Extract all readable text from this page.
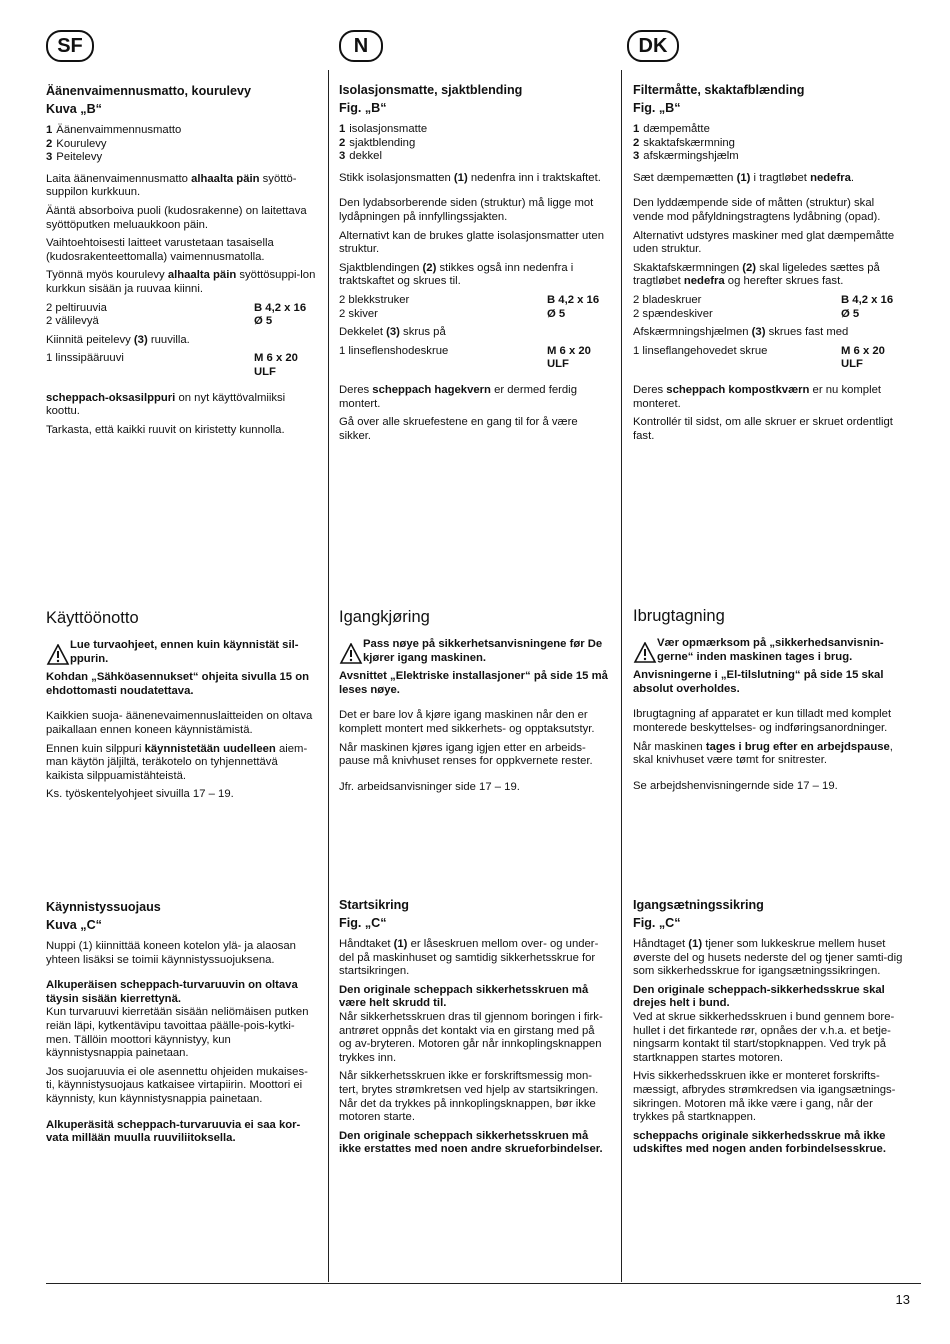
SF	N	DK
13
Äänenvaimennusmatto, kourulevy
Kuva „B“
1 Äänenvaimmennusmatto
2 Kourulevy
3 Peitelevy

Laita äänenvaimennusmatto alhaalta päin syöttö-suppilon kurkkuun.

Ääntä absorboiva puoli (kudosrakenne) on laitettava syöttöputken meluaukkoon päin.

Vaihtoehtoisesti laitteet varustetaan tasaisella (kudosrakenteettomalla) vaimennusmatolla.

Työnnä myös kourulevy alhaalta päin syöttösuppi-lon kurkkun sisään ja ruuvaa kiinni.

2 peltiruuvia	B 4,2 x 16
2 välilevyä	Ø 5

Kiinnitä peitelevy (3) ruuvilla.

1 linssipääruuvi	M 6 x 20
ULF

scheppach-oksasilppuri on nyt käyttövalmiiksi koottu.

Tarkasta, että kaikki ruuvit on kiristetty kunnolla.

Käyttöönotto
Lue turvaohjeet, ennen kuin käynnistät sil-ppurin.

Kohdan „Sähköasennukset“ ohjeita sivulla 15 on ehdottomasti noudatettava.

Kaikkien suoja- äänenevaimennuslaitteiden on oltava paikallaan ennen koneen käynnistämistä.

Ennen kuin silppuri käynnistetään uudelleen aiem-man käytön jäljiltä, teräkotelo on tyhjennettävä kaikista silppuamistähteistä.

Ks. työskentelyohjeet sivuilla 17 – 19.

Käynnistyssuojaus
Kuva „C“

Nuppi (1) kiinnittää koneen kotelon ylä- ja alaosan yhteen lisäksi se toimii käynnistyssuojuksena.

Alkuperäisen scheppach-turvaruuvin on oltava täysin sisään kierrettynä.

Kun turvaruuvi kierretään sisään neliömäisen putken reiän läpi, kytkentävipu tavoittaa päälle-pois-kytki-men. Tällöin moottori käynnistyy, kun käynnistysnappia painetaan.

Jos suojaruuvia ei ole asennettu ohjeiden mukaises-ti, käynnistysuojaus katkaisee virtapiirin. Moottori ei käynnisty, kun käynnistysnappia painetaan.

Alkuperäsitä scheppach-turvaruuvia ei saa kor-vata millään muulla ruuviliitoksella.

Isolasjonsmatte, sjaktblending
Fig. „B“
1 isolasjonsmatte
2 sjaktblending
3 dekkel

Stikk isolasjonsmatten (1) nedenfra inn i traktskaftet.

Den lydabsorberende siden (struktur) må ligge mot lydåpningen på innfyllingssjakten.

Alternativt kan de brukes glatte isolasjonsmatter uten struktur.

Sjaktblendingen (2) stikkes også inn nedenfra i traktskaftet og skrues til.

2 blekkstruker	B 4,2 x 16
2 skiver	Ø 5

Dekkelet (3) skrus på

1 linseflenshodeskrue	M 6 x 20
ULF

Deres scheppach hagekvern er dermed ferdig montert.

Gå over alle skruefestene en gang til for å være sikker.

Igangkjøring
Pass nøye på sikkerhetsanvisningene før De kjører igang maskinen.

Avsnittet „Elektriske installasjoner“ på side 15 må leses nøye.

Det er bare lov å kjøre igang maskinen når den er komplett montert med sikkerhets- og opptaksutstyr.

Når maskinen kjøres igang igjen etter en arbeids-pause må knivhuset renses for oppkvernete rester.

Jfr. arbeidsanvisninger side 17 – 19.

Startsikring
Fig. „C“

Håndtaket (1) er låseskruen mellom over- og under-del på maskinhuset og samtidig sikkerhetsskrue for startsikringen.

Den originale scheppach sikkerhetsskruen må være helt skrudd til.

Når sikkerhetsskruen dras til gjennom boringen i firk-antrøret oppnås det kontakt via en girstang med på og av-bryteren. Motoren går når innkoplingsknappen trykkes inn.

Når sikkerhetsskruen ikke er forskriftsmessig mon-tert, brytes strømkretsen ved hjelp av startsikringen. Når det da trykkes på innkoplingsknappen, bør ikke motoren starte.

Den originale scheppach sikkerhetsskruen må ikke erstattes med noen andre skrueforbindelser.

Filtermåtte, skaktafblænding
Fig. „B“
1 dæmpemåtte
2 skaktafskærmning
3 afskærmingshjælm

Sæt dæmpemætten (1) i tragtløbet nedefra.

Den lyddæmpende side of måtten (struktur) skal vende mod påfyldningstragtens lydåbning (opad).

Alternativt udstyres maskiner med glat dæmpemåtte uden struktur.

Skaktafskærmningen (2) skal ligeledes sættes på tragtløbet nedefra og herefter skrues fast.

2 bladeskruer	B 4,2 x 16
2 spændeskiver	Ø 5

Afskærmningshjælmen (3) skrues fast med

1 linseflangehovedet skrue	M 6 x 20
ULF

Deres scheppach kompostkværn er nu komplet monteret.

Kontrollér til sidst, om alle skruer er skruet ordentligt fast.

Ibrugtagning
Vær opmærksom på „sikkerhedsanvisnin-gerne“ inden maskinen tages i brug.

Anvisningerne i „El-tilslutning“ på side 15 skal absolut overholdes.

Ibrugtagning af apparatet er kun tilladt med komplet monterede beskyttelses- og indføringsanordninger.

Når maskinen tages i brug efter en arbejdspause, skal knivhuset være tømt for snitrester.

Se arbejdshenvisningernde side 17 – 19.

Igangsætningssikring
Fig. „C“

Håndtaget (1) tjener som lukkeskrue mellem huset øverste del og husets nederste del og tjener samti-dig som sikkerhedsskrue for igangsætningssikringen.

Den originale scheppach-sikkerhedsskrue skal drejes helt i bund.

Ved at skrue sikkerhedsskruen i bund gennem bore-hullet i det firkantede rør, opnåes der v.h.a. et betje-ningsarm kontakt til start/stopknappen. Ved tryk på startknappen startes motoren.

Hvis sikkerhedsskruen ikke er monteret forskrifts-mæssigt, afbrydes strømkredsen via igangsætnings-sikringen. Motoren må ikke være i gang, når der trykkes på startknappen.

scheppachs originale sikkerhedsskrue må ikke udskiftes med nogen anden forbindelsesskrue.
